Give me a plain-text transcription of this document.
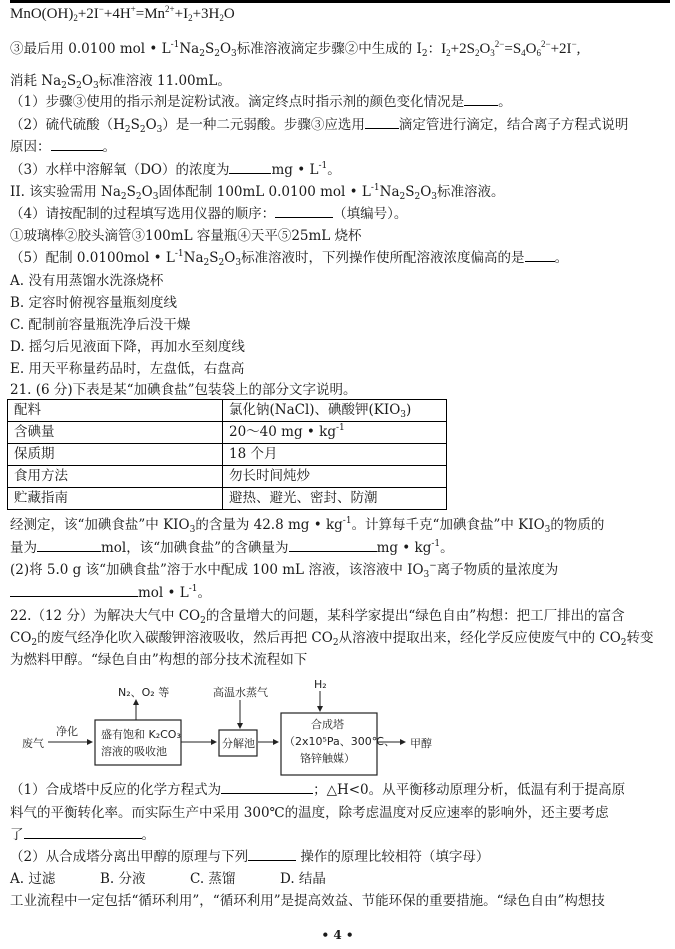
$MnO(OH)_2+2I^-+4H^+=Mn^{2+}+I_2+3H_2O$
③最后用 0.0100 mol • $L^{-1}Na_2S_2O_3$标准溶液滴定步骤②中生成的 $I_2$：$I_2+2S_2O_3^{2-}=S_4O_6^{2-}+2I^-$,
消耗 $Na_2S_2O_3$标准溶液 11.00mL。
（1）步骤③使用的指示剂是淀粉试液。滴定终点时指示剂的颜色变化情况是	。
（2）硫代硫酸$(H_2S_2O_3)$是一种二元弱酸。步骤③应选用	滴定管进行滴定，结合离子方程式说明
原因：	。
（3）水样中溶解氧（DO）的浓度为	mg • $L^{-1}$。
II. 该实验需用 $Na_2S_2O_3$固体配制 100mL 0.0100 mol • $L^{-1}Na_2S_2O_3$标准溶液。
（4）请按配制的过程填写选用仪器的顺序：	（填编号）。
①玻璃棒②胶头滴管③100mL 容量瓶④天平⑤25mL 烧杯
（5）配制 0.0100mol • $L^{-1}Na_2S_2O_3$标准溶液时，下列操作使所配溶液浓度偏高的是 。
A. 没有用蒸馏水洗涤烧杯
B. 定容时俯视容量瓶刻度线
C. 配制前容量瓶洗净后没干燥
D. 摇匀后见液面下降，再加水至刻度线
E. 用天平称量药品时，左盘低，右盘高
21. (6 分)下表是某“加碘食盐”包装袋上的部分文字说明。
配料	氯化钠(NaCl)、碘酸钾$(KIO_3)$
含碘量	20～40 mg • $kg^{-1}$
保质期	18 个月
食用方法	勿长时间炖炒
贮藏指南	避热、避光、密封、防潮
经测定，该“加碘食盐”中 $KIO_3$的含量为 42.8 mg • $kg^{-1}$。计算每千克“加碘食盐”中 $KIO_3$的物质的
量为	mol，该“加碘食盐”的含碘量为	mg • $kg^{-1}$。
(2)将 5.0 g 该“加碘食盐”溶于水中配成 100 mL 溶液，该溶液中 $IO_3^-$离子物质的量浓度为
mol • $L^{-1}$。
22.（12 分）为解决大气中 $CO_2$的含量增大的问题，某科学家提出“绿色自由”构想：把工厂排出的富含
$CO_2$的废气经净化吹入碳酸钾溶液吸收，然后再把 $CO_2$从溶液中提取出来，经化学反应使废气中的 $CO_2$转变
为燃料甲醇。“绿色自由”构想的部分技术流程如下
废气
净化
N₂、O₂ 等
盛有饱和 K₂CO₃
溶液的吸收池
高温水蒸气
分解池
H₂
合成塔
（2x10⁵Pa、300℃、
铬锌触媒）
甲醇
（1）合成塔中反应的化学方程式为	；△H<0。从平衡移动原理分析，低温有利于提高原
料气的平衡转化率。而实际生产中采用 300℃的温度，除考虑温度对反应速率的影响外，还主要考虑
了	。
（2）从合成塔分离出甲醇的原理与下列	操作的原理比较相符（填字母）
A. 过滤	B. 分液	C. 蒸馏	D. 结晶
工业流程中一定包括“循环利用”，“循环利用”是提高效益、节能环保的重要措施。“绿色自由”构想技
• 4 •
